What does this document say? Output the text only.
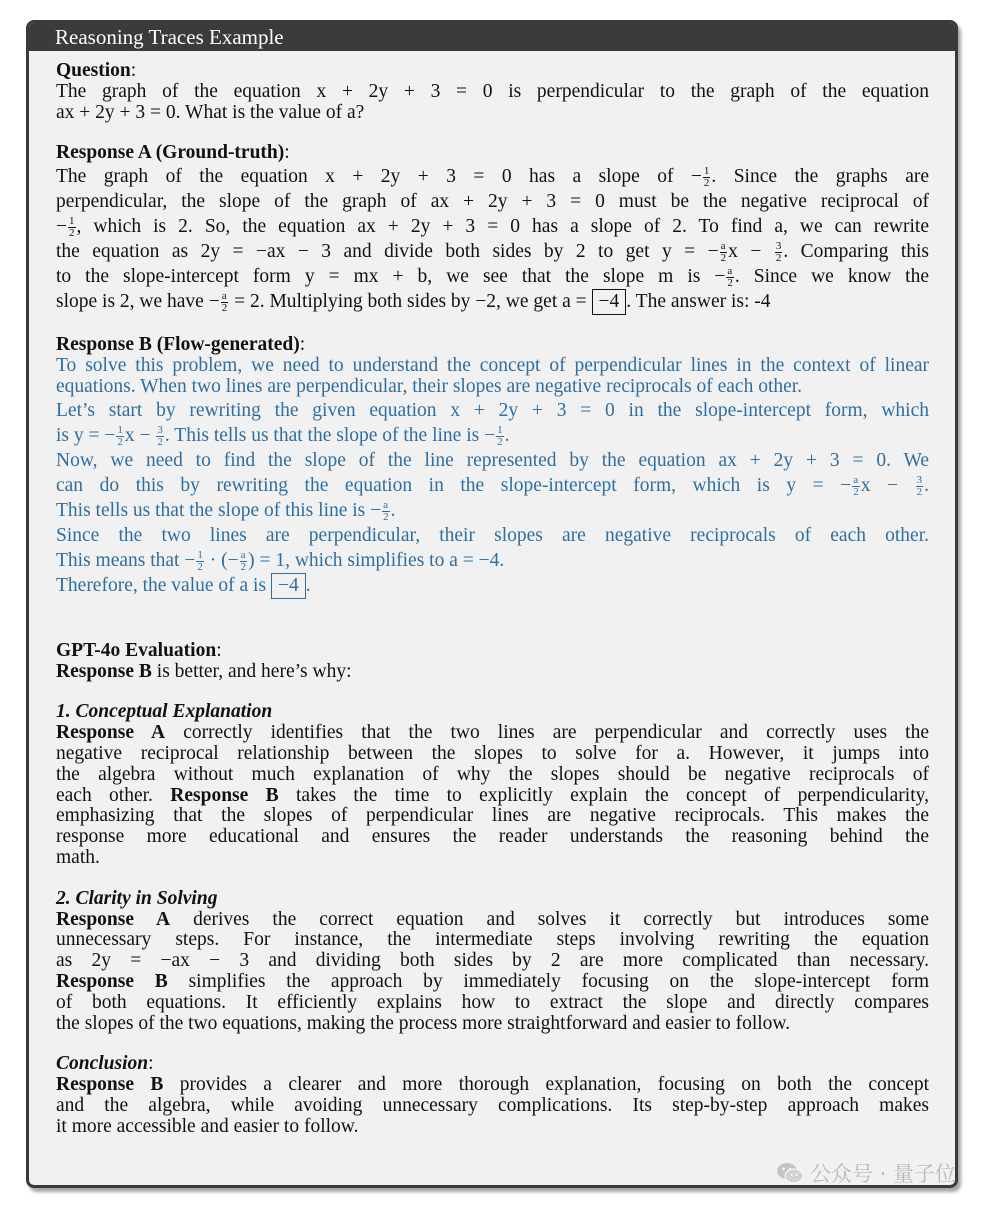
Reasoning Traces Example
Question:
The graph of the equation x + 2y + 3 = 0 is perpendicular to the graph of the equation
ax + 2y + 3 = 0. What is the value of a?
Response A (Ground-truth):
The graph of the equation x + 2y + 3 = 0 has a slope of − $\frac{1}{2}$ . Since the graphs are
perpendicular, the slope of the graph of ax + 2y + 3 = 0 must be the negative reciprocal of
− $\frac{1}{2}$ , which is 2. So, the equation ax + 2y + 3 = 0 has a slope of 2. To find a, we can rewrite
the equation as 2y = −ax − 3 and divide both sides by 2 to get y = − $\frac{a}{2}$ $x - \frac{3}{2}$ . Comparing this
to the slope-intercept form y = mx + b, we see that the slope m is − $\frac{a}{2}$ . Since we know the
slope is 2, we have − $\frac{a}{2} = 2$. Multiplying both sides by −2, we get a = −4 . The answer is: -4
Response B (Flow-generated):

To solve this problem, we need to understand the concept of perpendicular lines in the context of linear equations. When two lines are perpendicular, their slopes are negative reciprocals of each other.

Let’s start by rewriting the given equation x + 2y + 3 = 0 in the slope-intercept form, which
is y = − $\frac{1}{2}$ $x - \frac{3}{2}$ . This tells us that the slope of the line is − $\frac{1}{2}$ .
Now, we need to find the slope of the line represented by the equation ax + 2y + 3 = 0. We
can do this by rewriting the equation in the slope-intercept form, which is y = − $\frac{a}{2}$ $x - \frac{3}{2}$ .
This tells us that the slope of this line is − $\frac{a}{2}$ .
Since the two lines are perpendicular, their slopes are negative reciprocals of each other.
This means that − $\frac{1}{2}$ · (− $\frac{a}{2}$ ) = 1, which simplifies to a = −4.
Therefore, the value of a is −4 .
GPT-4o Evaluation:
Response B is better, and here’s why:
1. Conceptual Explanation
Response A correctly identifies that the two lines are perpendicular and correctly uses the
negative reciprocal relationship between the slopes to solve for a. However, it jumps into
the algebra without much explanation of why the slopes should be negative reciprocals of
each other. Response B takes the time to explicitly explain the concept of perpendicularity,
emphasizing that the slopes of perpendicular lines are negative reciprocals. This makes the
response more educational and ensures the reader understands the reasoning behind the
math.
2. Clarity in Solving
Response A derives the correct equation and solves it correctly but introduces some
unnecessary steps. For instance, the intermediate steps involving rewriting the equation
as 2y = −ax − 3 and dividing both sides by 2 are more complicated than necessary.
Response B simplifies the approach by immediately focusing on the slope-intercept form
of both equations. It efficiently explains how to extract the slope and directly compares
the slopes of the two equations, making the process more straightforward and easier to follow.
Conclusion:
Response B provides a clearer and more thorough explanation, focusing on both the concept
and the algebra, while avoiding unnecessary complications. Its step-by-step approach makes
it more accessible and easier to follow.
公众号 · 量子位
